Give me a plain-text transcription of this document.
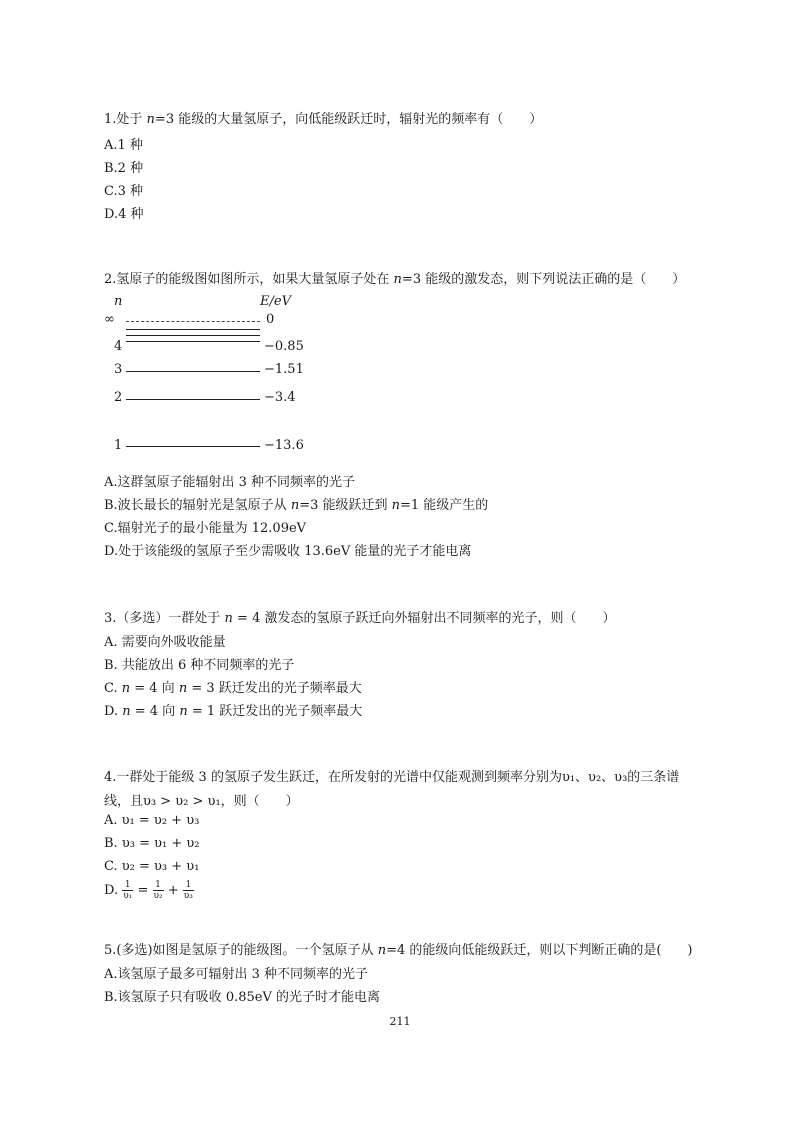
1.处于 n=3 能级的大量氢原子，向低能级跃迁时，辐射光的频率有（　　）
A.1 种
B.2 种
C.3 种
D.4 种
2.氢原子的能级图如图所示，如果大量氢原子处在 n=3 能级的激发态，则下列说法正确的是（　　）
n	E/eV
∞	0
4	−0.85
3	−1.51
2	−3.4
1	−13.6
A.这群氢原子能辐射出 3 种不同频率的光子
B.波长最长的辐射光是氢原子从 n=3 能级跃迁到 n=1 能级产生的
C.辐射光子的最小能量为 12.09eV
D.处于该能级的氢原子至少需吸收 13.6eV 能量的光子才能电离
3.（多选）一群处于 n = 4 激发态的氢原子跃迁向外辐射出不同频率的光子，则（　　）
A. 需要向外吸收能量
B. 共能放出 6 种不同频率的光子
C. n = 4 向 n = 3 跃迁发出的光子频率最大
D. n = 4 向 n = 1 跃迁发出的光子频率最大
4.一群处于能级 3 的氢原子发生跃迁，在所发射的光谱中仅能观测到频率分别为υ₁、υ₂、υ₃的三条谱
线，且υ₃ > υ₂ > υ₁，则（　　）
A. υ₁ = υ₂ + υ₃
B. υ₃ = υ₁ + υ₂
C. υ₂ = υ₃ + υ₁
D. $\frac{1}{\text{υ₁}} = \frac{1}{\text{υ₂}} + \frac{1}{\text{υ₃}}$
5.(多选)如图是氢原子的能级图。一个氢原子从 n=4 的能级向低能级跃迁，则以下判断正确的是(　　)
A.该氢原子最多可辐射出 3 种不同频率的光子
B.该氢原子只有吸收 0.85eV 的光子时才能电离
211
